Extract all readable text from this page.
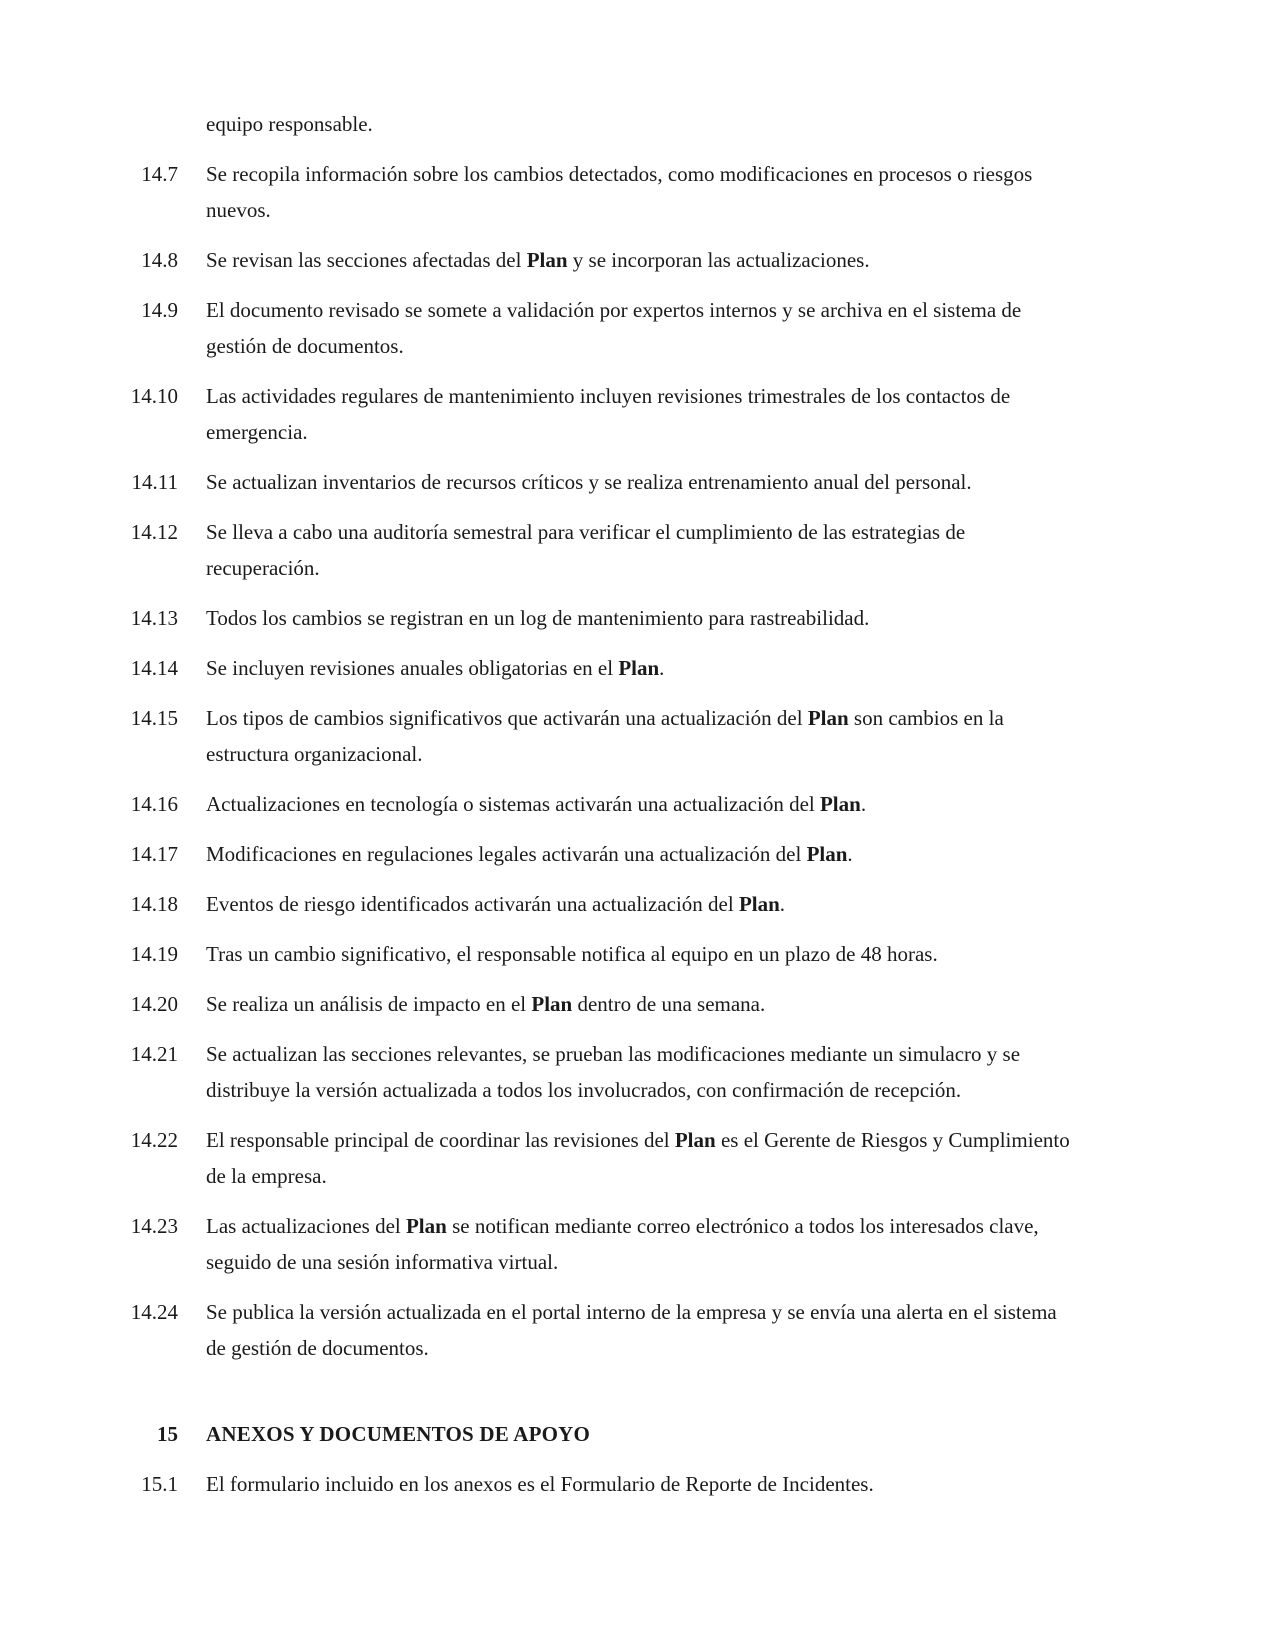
equipo responsable.

14.7 Se recopila información sobre los cambios detectados, como modificaciones en procesos o riesgos nuevos.

14.8 Se revisan las secciones afectadas del Plan y se incorporan las actualizaciones.

14.9 El documento revisado se somete a validación por expertos internos y se archiva en el sistema de gestión de documentos.

14.10 Las actividades regulares de mantenimiento incluyen revisiones trimestrales de los contactos de emergencia.

14.11 Se actualizan inventarios de recursos críticos y se realiza entrenamiento anual del personal.

14.12 Se lleva a cabo una auditoría semestral para verificar el cumplimiento de las estrategias de recuperación.

14.13 Todos los cambios se registran en un log de mantenimiento para rastreabilidad.

14.14 Se incluyen revisiones anuales obligatorias en el Plan.

14.15 Los tipos de cambios significativos que activarán una actualización del Plan son cambios en la estructura organizacional.

14.16 Actualizaciones en tecnología o sistemas activarán una actualización del Plan.

14.17 Modificaciones en regulaciones legales activarán una actualización del Plan.

14.18 Eventos de riesgo identificados activarán una actualización del Plan.

14.19 Tras un cambio significativo, el responsable notifica al equipo en un plazo de 48 horas.

14.20 Se realiza un análisis de impacto en el Plan dentro de una semana.

14.21 Se actualizan las secciones relevantes, se prueban las modificaciones mediante un simulacro y se distribuye la versión actualizada a todos los involucrados, con confirmación de recepción.

14.22 El responsable principal de coordinar las revisiones del Plan es el Gerente de Riesgos y Cumplimiento de la empresa.

14.23 Las actualizaciones del Plan se notifican mediante correo electrónico a todos los interesados clave, seguido de una sesión informativa virtual.

14.24 Se publica la versión actualizada en el portal interno de la empresa y se envía una alerta en el sistema de gestión de documentos.

15 ANEXOS Y DOCUMENTOS DE APOYO

15.1 El formulario incluido en los anexos es el Formulario de Reporte de Incidentes.
